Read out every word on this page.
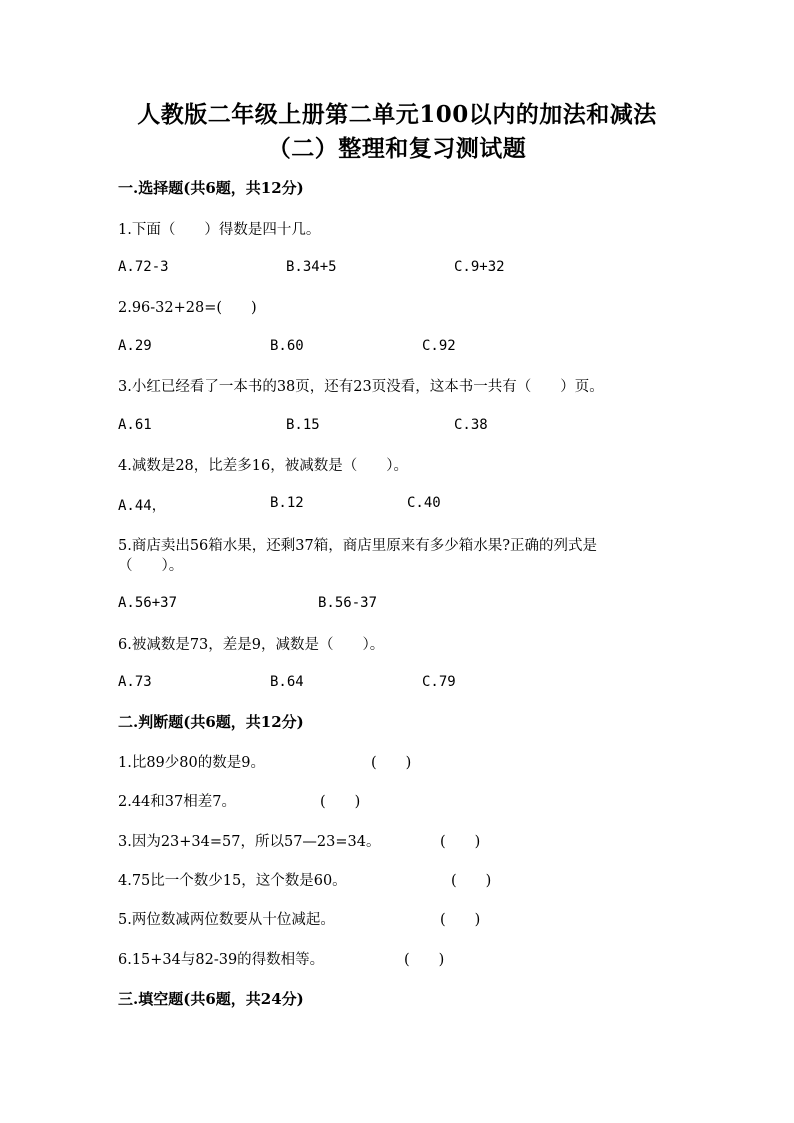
人教版二年级上册第二单元100以内的加法和减法
（二）整理和复习测试题
一.选择题(共6题，共12分)
1.下面（　　）得数是四十几。
A.72-3	B.34+5	C.9+32
2.96-32+28=(　　)
A.29	B.60	C.92
3.小红已经看了一本书的38页，还有23页没看，这本书一共有（　　）页。
A.61	B.15	C.38
4.减数是28，比差多16，被减数是（　　）。
A.44，	B.12	C.40
5.商店卖出56箱水果，还剩37箱，商店里原来有多少箱水果?正确的列式是
（　　）。
A.56+37	B.56-37
6.被减数是73，差是9，减数是（　　）。
A.73	B.64	C.79
二.判断题(共6题，共12分)
1.比89少80的数是9。	(　　)
2.44和37相差7。	(　　)
3.因为23+34=57，所以57—23=34。	(　　)
4.75比一个数少15，这个数是60。	(　　)
5.两位数减两位数要从十位减起。	(　　)
6.15+34与82-39的得数相等。	(　　)
三.填空题(共6题，共24分)
